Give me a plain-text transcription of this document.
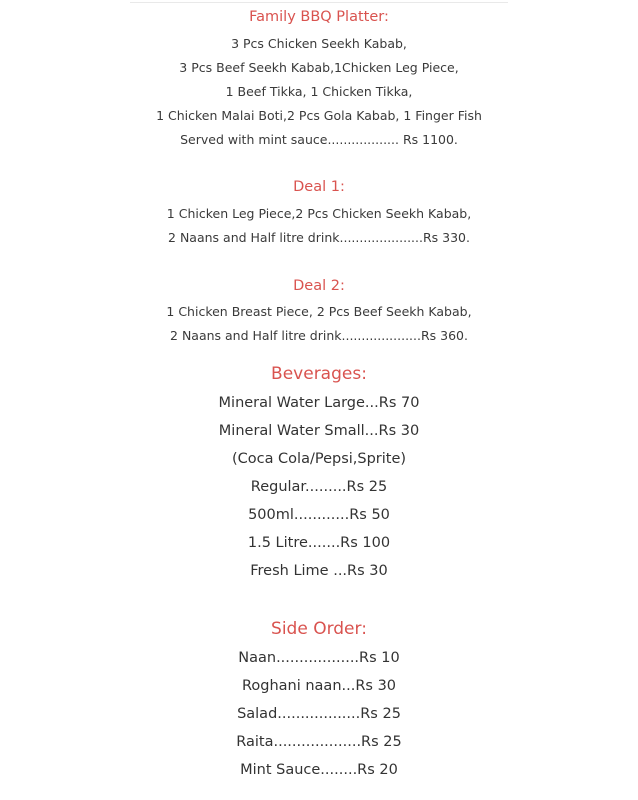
Family BBQ Platter:
3 Pcs Chicken Seekh Kabab,
3 Pcs Beef Seekh Kabab,1Chicken Leg Piece,
1 Beef Tikka, 1 Chicken Tikka,
1 Chicken Malai Boti,2 Pcs Gola Kabab, 1 Finger Fish
Served with mint sauce.................. Rs 1100.
Deal 1:
1 Chicken Leg Piece,2 Pcs Chicken Seekh Kabab,
2 Naans and Half litre drink.....................Rs 330.
Deal 2:
1 Chicken Breast Piece, 2 Pcs Beef Seekh Kabab,
2 Naans and Half litre drink....................Rs 360.
Beverages:
Mineral Water Large...Rs 70
Mineral Water Small...Rs 30
(Coca Cola/Pepsi,Sprite)
Regular.........Rs 25
500ml............Rs 50
1.5 Litre.......Rs 100
Fresh Lime ...Rs 30
Side Order:
Naan..................Rs 10
Roghani naan...Rs 30
Salad..................Rs 25
Raita...................Rs 25
Mint Sauce........Rs 20
